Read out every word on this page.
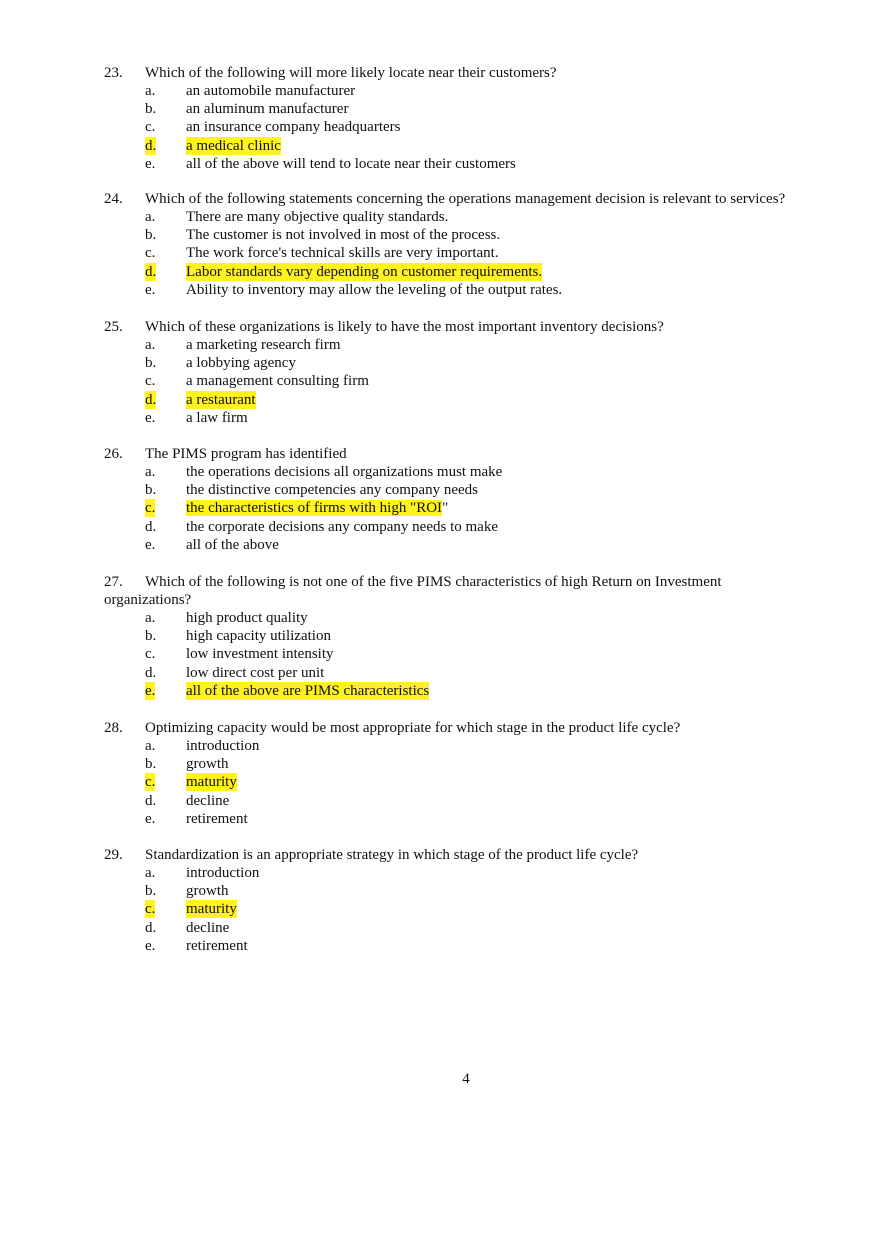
23. Which of the following will more likely locate near their customers?
a. an automobile manufacturer
b. an aluminum manufacturer
c. an insurance company headquarters
d. a medical clinic
e. all of the above will tend to locate near their customers
24. Which of the following statements concerning the operations management decision is relevant to services?
a. There are many objective quality standards.
b. The customer is not involved in most of the process.
c. The work force's technical skills are very important.
d. Labor standards vary depending on customer requirements.
e. Ability to inventory may allow the leveling of the output rates.
25. Which of these organizations is likely to have the most important inventory decisions?
a. a marketing research firm
b. a lobbying agency
c. a management consulting firm
d. a restaurant
e. a law firm
26. The PIMS program has identified
a. the operations decisions all organizations must make
b. the distinctive competencies any company needs
c. the characteristics of firms with high "ROI"
d. the corporate decisions any company needs to make
e. all of the above
27. Which of the following is not one of the five PIMS characteristics of high Return on Investment
organizations?
a. high product quality
b. high capacity utilization
c. low investment intensity
d. low direct cost per unit
e. all of the above are PIMS characteristics
28. Optimizing capacity would be most appropriate for which stage in the product life cycle?
a. introduction
b. growth
c. maturity
d. decline
e. retirement
29. Standardization is an appropriate strategy in which stage of the product life cycle?
a. introduction
b. growth
c. maturity
d. decline
e. retirement
4
